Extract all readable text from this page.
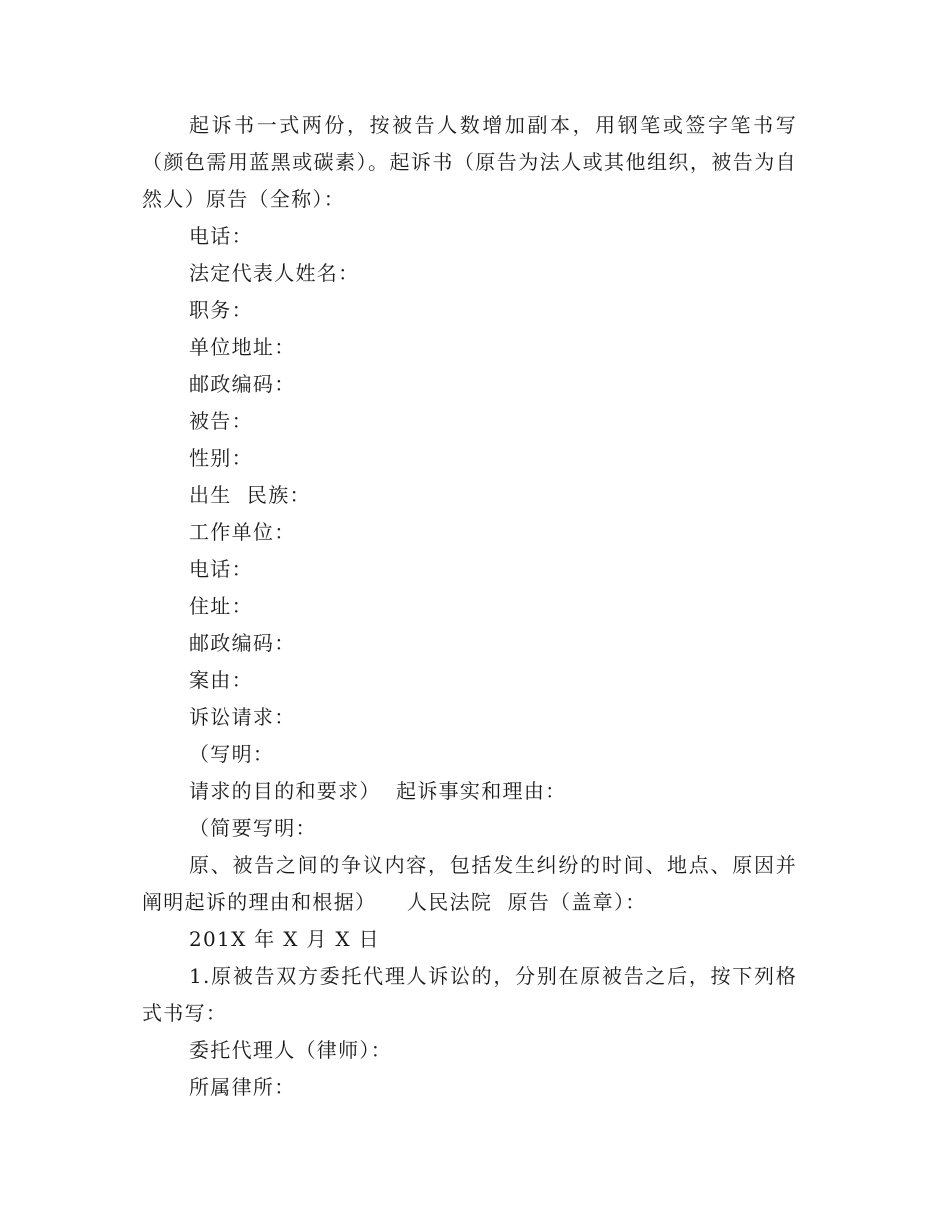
起诉书一式两份，按被告人数增加副本，用钢笔或签字笔书写（颜色需用蓝黑或碳素）。起诉书（原告为法人或其他组织，被告为自然人）原告（全称）：

电话：

法定代表人姓名：

职务：

单位地址：

邮政编码：

被告：

性别：

出生  民族：

工作单位：

电话：

住址：

邮政编码：

案由：

诉讼请求：

（写明：

请求的目的和要求）  起诉事实和理由：

（简要写明：

原、被告之间的争议内容，包括发生纠纷的时间、地点、原因并阐明起诉的理由和根据）    人民法院  原告（盖章）：

201X 年 X 月 X 日

1.原被告双方委托代理人诉讼的，分别在原被告之后，按下列格式书写：

委托代理人（律师）：

所属律所：
